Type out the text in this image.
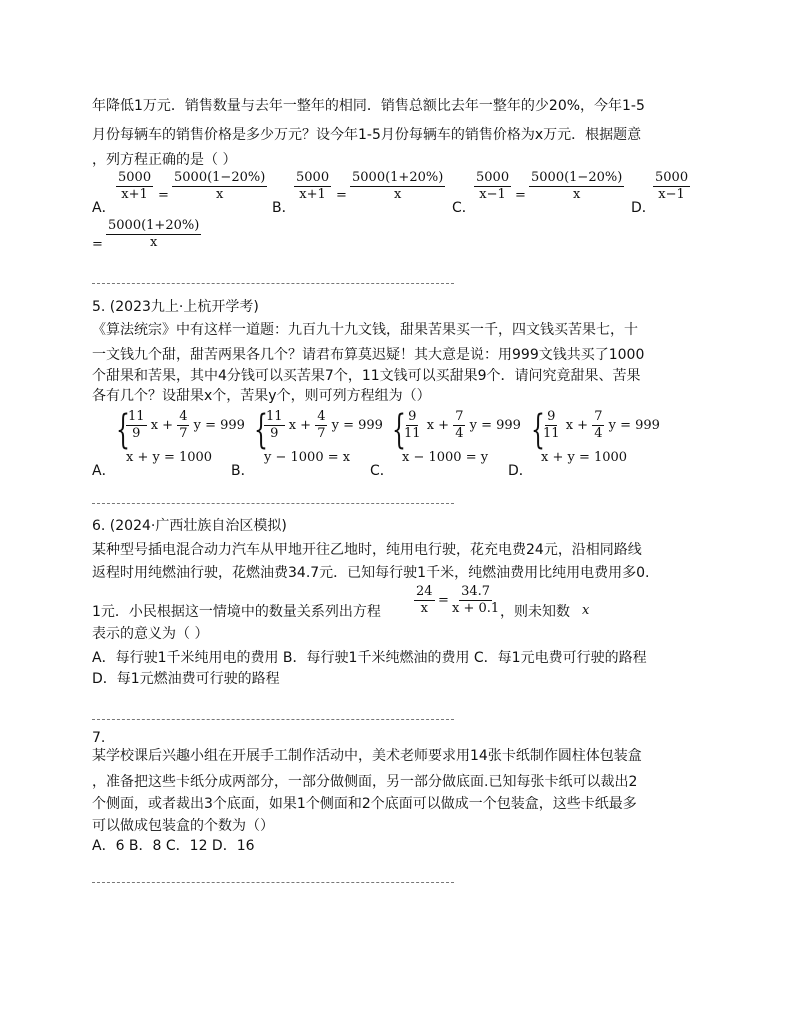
年降低1万元．销售数量与去年一整年的相同．销售总额比去年一整年的少20%，今年1-5
月份每辆车的销售价格是多少万元？设今年1-5月份每辆车的销售价格为x万元．根据题意
，列方程正确的是（ ）
A．
$\frac{5000}{x+1} = \frac{5000(1-20\%)}{x}$
B．
$\frac{5000}{x+1} = \frac{5000(1+20\%)}{x}$
C．
$\frac{5000}{x-1} = \frac{5000(1-20\%)}{x}$
D．
$\frac{5000}{x-1}$
= $\frac{5000(1+20\%)}{x}$
5. (2023九上·上杭开学考)
《算法统宗》中有这样一道题：九百九十九文钱，甜果苦果买一千，四文钱买苦果七，十
一文钱九个甜，甜苦两果各几个？请君布算莫迟疑！其大意是说：用999文钱共买了1000
个甜果和苦果，其中4分钱可以买苦果7个，11文钱可以买甜果9个．请问究竟甜果、苦果
各有几个？设甜果x个，苦果y个，则可列方程组为（）
A．
{
$\frac{11}{9}$ $x + \frac{4}{7}$ y = 999
x + y = 1000
B．
{
$\frac{11}{9}$ $x + \frac{4}{7}$ y = 999
y − 1000 = x
C．
{
$\frac{9}{11}$ $x + \frac{7}{4}$ y = 999
x − 1000 = y
D．
{
$\frac{9}{11}$ $x + \frac{7}{4}$ y = 999
x + y = 1000
6. (2024·广西壮族自治区模拟)
某种型号插电混合动力汽车从甲地开往乙地时，纯用电行驶，花充电费24元，沿相同路线
返程时用纯燃油行驶，花燃油费34.7元．已知每行驶1千米，纯燃油费用比纯用电费用多0.
1元．小民根据这一情境中的数量关系列出方程	$\frac{24}{x} = \frac{34.7}{x + 0.1}$
，则未知数 x
表示的意义为（ ）
A．每行驶1千米纯用电的费用 B．每行驶1千米纯燃油的费用 C．每1元电费可行驶的路程
D．每1元燃油费可行驶的路程
7.
某学校课后兴趣小组在开展手工制作活动中，美术老师要求用14张卡纸制作圆柱体包装盒
，准备把这些卡纸分成两部分，一部分做侧面，另一部分做底面.已知每张卡纸可以裁出2
个侧面，或者裁出3个底面，如果1个侧面和2个底面可以做成一个包装盒，这些卡纸最多
可以做成包装盒的个数为（）
A．6 B．8 C．12 D．16
